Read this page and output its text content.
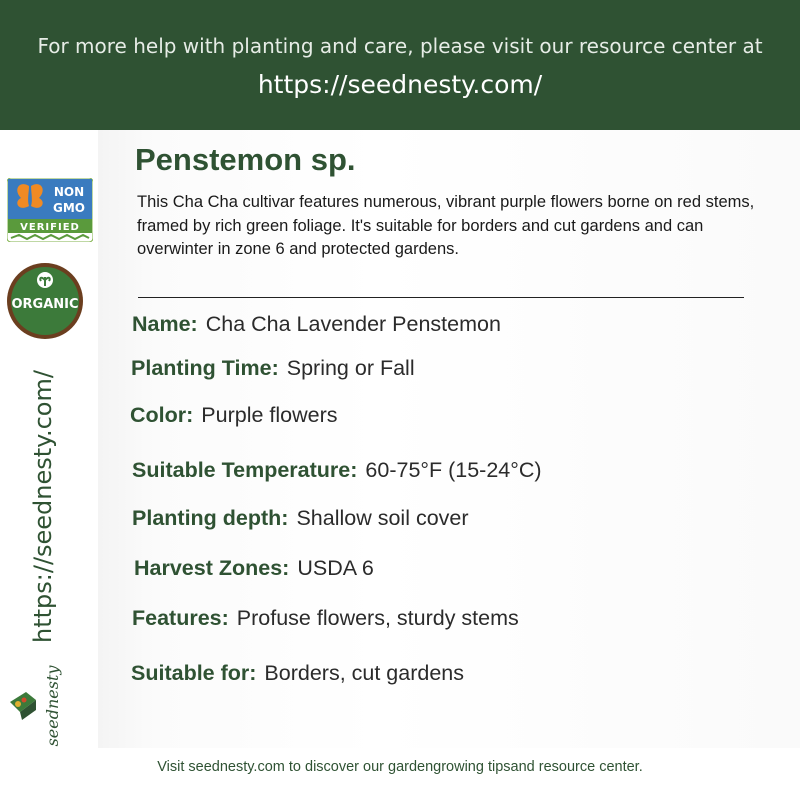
For more help with planting and care, please visit our resource center at
https://seednesty.com/
NON
GMO
VERIFIED
ORGANIC
https://seednesty.com/
seednesty
Penstemon sp.
This Cha Cha cultivar features numerous, vibrant purple flowers borne on red stems, framed by rich green foliage. It's suitable for borders and cut gardens and can overwinter in zone 6 and protected gardens.
Name: Cha Cha Lavender Penstemon
Planting Time: Spring or Fall
Color: Purple flowers
Suitable Temperature: 60-75°F (15-24°C)
Planting depth: Shallow soil cover
Harvest Zones: USDA 6
Features: Profuse flowers, sturdy stems
Suitable for: Borders, cut gardens
Visit seednesty.com to discover our gardengrowing tipsand resource center.
